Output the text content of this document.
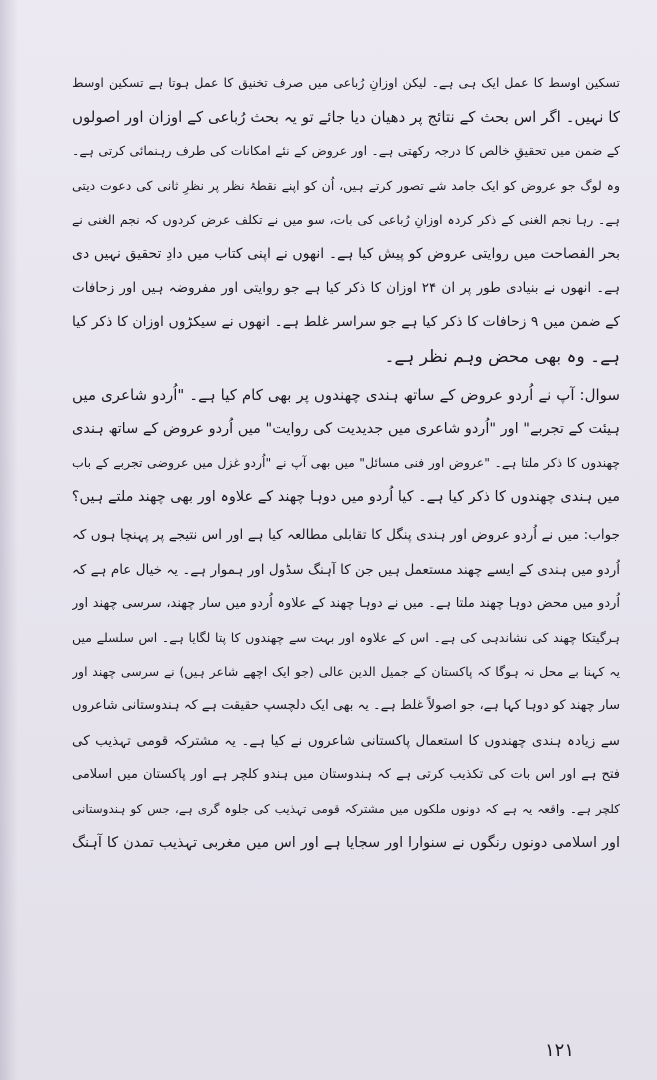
تسکین اوسط کا عمل ایک ہی ہے۔ لیکن اوزانِ رُباعی میں صرف تخنیق کا عمل ہوتا ہے تسکین اوسط
کا نہیں۔ اگر اس بحث کے نتائج پر دھیان دیا جائے تو یہ بحث رُباعی کے اوزان اور اصولوں
کے ضمن میں تحقیقِ خالص کا درجہ رکھتی ہے۔ اور عروض کے نئے امکانات کی طرف رہنمائی کرتی ہے۔
وہ لوگ جو عروض کو ایک جامد شے تصور کرتے ہیں، اُن کو اپنے نقطۂ نظر پر نظرِ ثانی کی دعوت دیتی
ہے۔ رہا نجم الغنی کے ذکر کردہ اوزانِ رُباعی کی بات، سو میں نے تکلف عرض کردوں کہ نجم الغنی نے
بحر الفصاحت میں روایتی عروض کو پیش کیا ہے۔ انھوں نے اپنی کتاب میں دادِ تحقیق نہیں دی
ہے۔ انھوں نے بنیادی طور پر ان ۲۴ اوزان کا ذکر کیا ہے جو روایتی اور مفروضہ ہیں اور زحافات
کے ضمن میں ۹ زحافات کا ذکر کیا ہے جو سراسر غلط ہے۔ انھوں نے سیکڑوں اوزان کا ذکر کیا
ہے۔ وہ بھی محض وہم نظر ہے۔
سوال: آپ نے اُردو عروض کے ساتھ ہندی چھندوں پر بھی کام کیا ہے۔ "اُردو شاعری میں
ہیئت کے تجربے" اور "اُردو شاعری میں جدیدیت کی روایت" میں اُردو عروض کے ساتھ ہندی
چھندوں کا ذکر ملتا ہے۔ "عروض اور فنی مسائل" میں بھی آپ نے "اُردو غزل میں عروضی تجربے کے باب
میں ہندی چھندوں کا ذکر کیا ہے۔ کیا اُردو میں دوہا چھند کے علاوہ اور بھی چھند ملتے ہیں؟
جواب: میں نے اُردو عروض اور ہندی پنگل کا تقابلی مطالعہ کیا ہے اور اس نتیجے پر پہنچا ہوں کہ
اُردو میں ہندی کے ایسے چھند مستعمل ہیں جن کا آہنگ سڈول اور ہموار ہے۔ یہ خیال عام ہے کہ
اُردو میں محض دوہا چھند ملتا ہے۔ میں نے دوہا چھند کے علاوہ اُردو میں سار چھند، سرسی چھند اور
ہرگیتکا چھند کی نشاندہی کی ہے۔ اس کے علاوہ اور بہت سے چھندوں کا پتا لگایا ہے۔ اس سلسلے میں
یہ کہنا بے محل نہ ہوگا کہ پاکستان کے جمیل الدین عالی (جو ایک اچھے شاعر ہیں) نے سرسی چھند اور
سار چھند کو دوہا کہا ہے، جو اصولاً غلط ہے۔ یہ بھی ایک دلچسپ حقیقت ہے کہ ہندوستانی شاعروں
سے زیادہ ہندی چھندوں کا استعمال پاکستانی شاعروں نے کیا ہے۔ یہ مشترکہ قومی تہذیب کی
فتح ہے اور اس بات کی تکذیب کرتی ہے کہ ہندوستان میں ہندو کلچر ہے اور پاکستان میں اسلامی
کلچر ہے۔ واقعہ یہ ہے کہ دونوں ملکوں میں مشترکہ قومی تہذیب کی جلوہ گری ہے، جس کو ہندوستانی
اور اسلامی دونوں رنگوں نے سنوارا اور سجایا ہے اور اس میں مغربی تہذیب تمدن کا آہنگ
۱۲۱
